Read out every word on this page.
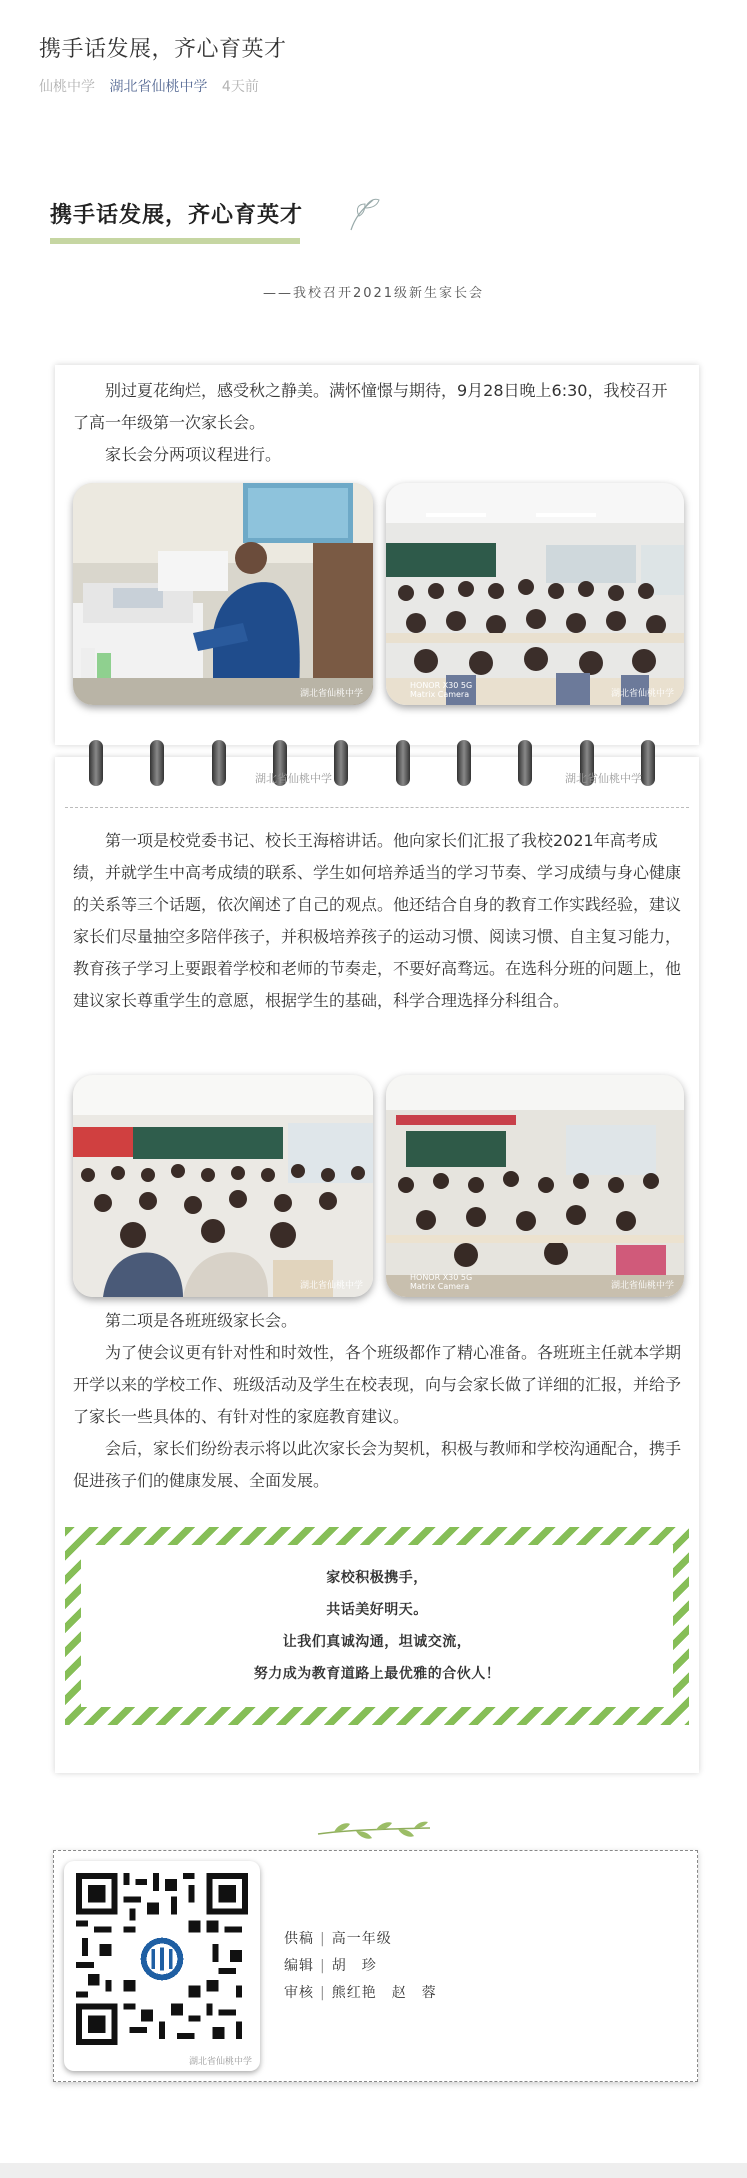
携手话发展，齐心育英才
仙桃中学 湖北省仙桃中学 4天前
携手话发展，齐心育英才
——我校召开2021级新生家长会

别过夏花绚烂，感受秋之静美。满怀憧憬与期待，9月28日晚上6:30，我校召开了高一年级第一次家长会。

家长会分两项议程进行。

湖北省仙桃中学
HONOR X30 5G
Matrix Camera	湖北省仙桃中学

第一项是校党委书记、校长王海榕讲话。他向家长们汇报了我校2021年高考成绩，并就学生中高考成绩的联系、学生如何培养适当的学习节奏、学习成绩与身心健康的关系等三个话题，依次阐述了自己的观点。他还结合自身的教育工作实践经验，建议家长们尽量抽空多陪伴孩子，并积极培养孩子的运动习惯、阅读习惯、自主复习能力，教育孩子学习上要跟着学校和老师的节奏走，不要好高骛远。在选科分班的问题上，他建议家长尊重学生的意愿，根据学生的基础，科学合理选择分科组合。

湖北省仙桃中学
HONOR X30 5G
Matrix Camera	湖北省仙桃中学

第二项是各班班级家长会。

为了使会议更有针对性和时效性，各个班级都作了精心准备。各班班主任就本学期开学以来的学校工作、班级活动及学生在校表现，向与会家长做了详细的汇报，并给予了家长一些具体的、有针对性的家庭教育建议。

会后，家长们纷纷表示将以此次家长会为契机，积极与教师和学校沟通配合，携手促进孩子们的健康发展、全面发展。

家校积极携手，
共话美好明天。
让我们真诚沟通，坦诚交流，
努力成为教育道路上最优雅的合伙人！
湖北省仙桃中学	湖北省仙桃中学
湖北省仙桃中学
供稿 | 高一年级
编辑 | 胡　珍
审核 | 熊红艳　赵　蓉
